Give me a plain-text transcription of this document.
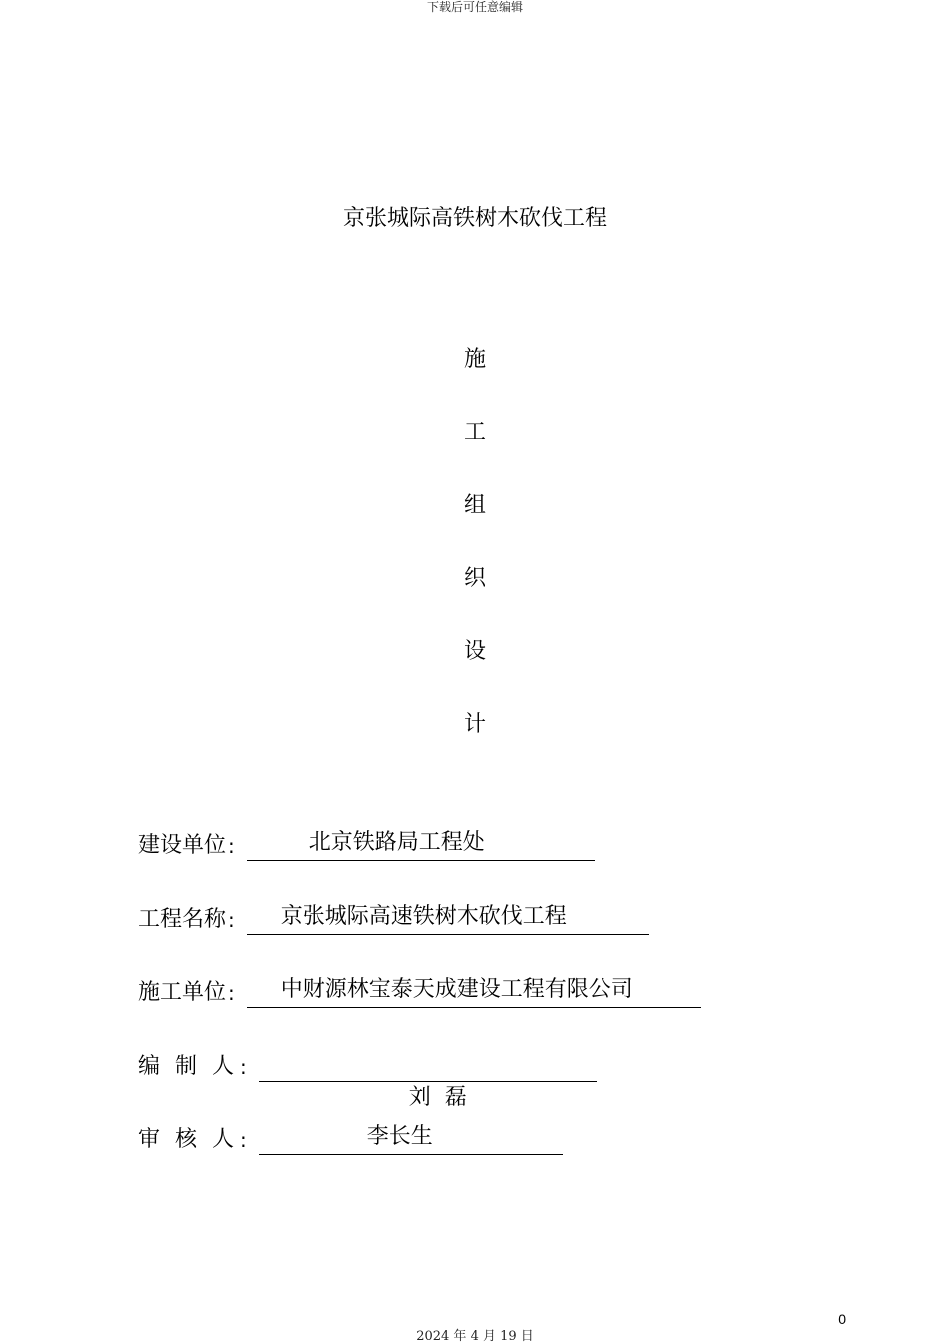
下载后可任意编辑
京张城际高铁树木砍伐工程
施
工
组
织
设
计
建设单位 :	北京铁路局工程处
工程名称 :	京张城际高速铁树木砍伐工程
施工单位 :	中财源林宝泰天成建设工程有限公司
编 制 人 :

刘  磊

审 核 人 :	李长生
0
2024 年 4 月 19 日
